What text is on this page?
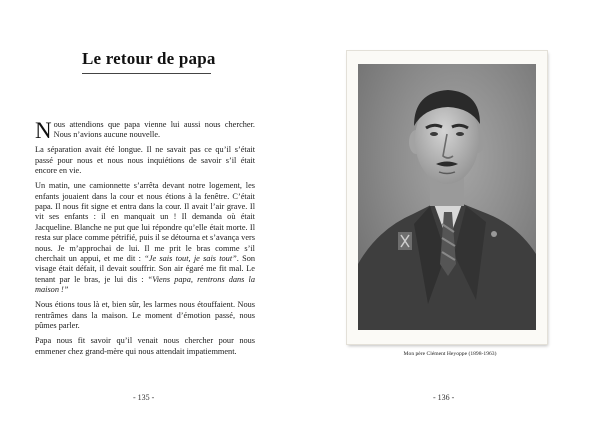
Le retour de papa

Nous attendions que papa vienne lui aussi nous chercher. Nous n’avions aucune nouvelle.

La séparation avait été longue. Il ne savait pas ce qu’il s’était passé pour nous et nous nous inquiétions de savoir s’il était encore en vie.

Un matin, une camionnette s’arrêta devant notre logement, les enfants jouaient dans la cour et nous étions à la fenêtre. C’était papa. Il nous fit signe et entra dans la cour. Il avait l’air grave. Il vit ses enfants : il en manquait un ! Il demanda où était Jacqueline. Blanche ne put que lui répondre qu’elle était morte. Il resta sur place comme pétrifié, puis il se détourna et s’avança vers nous. Je m’approchai de lui. Il me prit le bras comme s’il cherchait un appui, et me dit : “Je sais tout, je sais tout”. Son visage était défait, il devait souffrir. Son air égaré me fit mal. Le tenant par le bras, je lui dis : “Viens papa, rentrons dans la maison !”

Nous étions tous là et, bien sûr, les larmes nous étouffaient. Nous rentrâmes dans la maison. Le moment d’émotion passé, nous pûmes parler.

Papa nous fit savoir qu’il venait nous chercher pour nous emmener chez grand-mère qui nous attendait impatiemment.

- 135 -
Mon père Clément Heyoppe (1898-1963)
- 136 -
